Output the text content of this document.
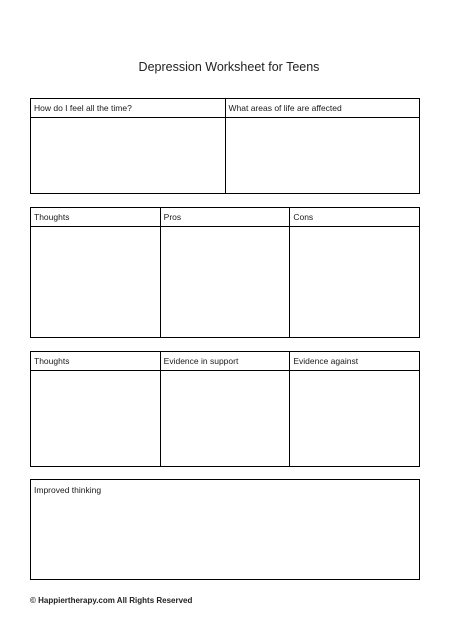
Depression Worksheet for Teens
How do I feel all the time?	What areas of life are affected
Thoughts	Pros	Cons
Thoughts	Evidence in support	Evidence against
Improved thinking
© Happiertherapy.com All Rights Reserved
